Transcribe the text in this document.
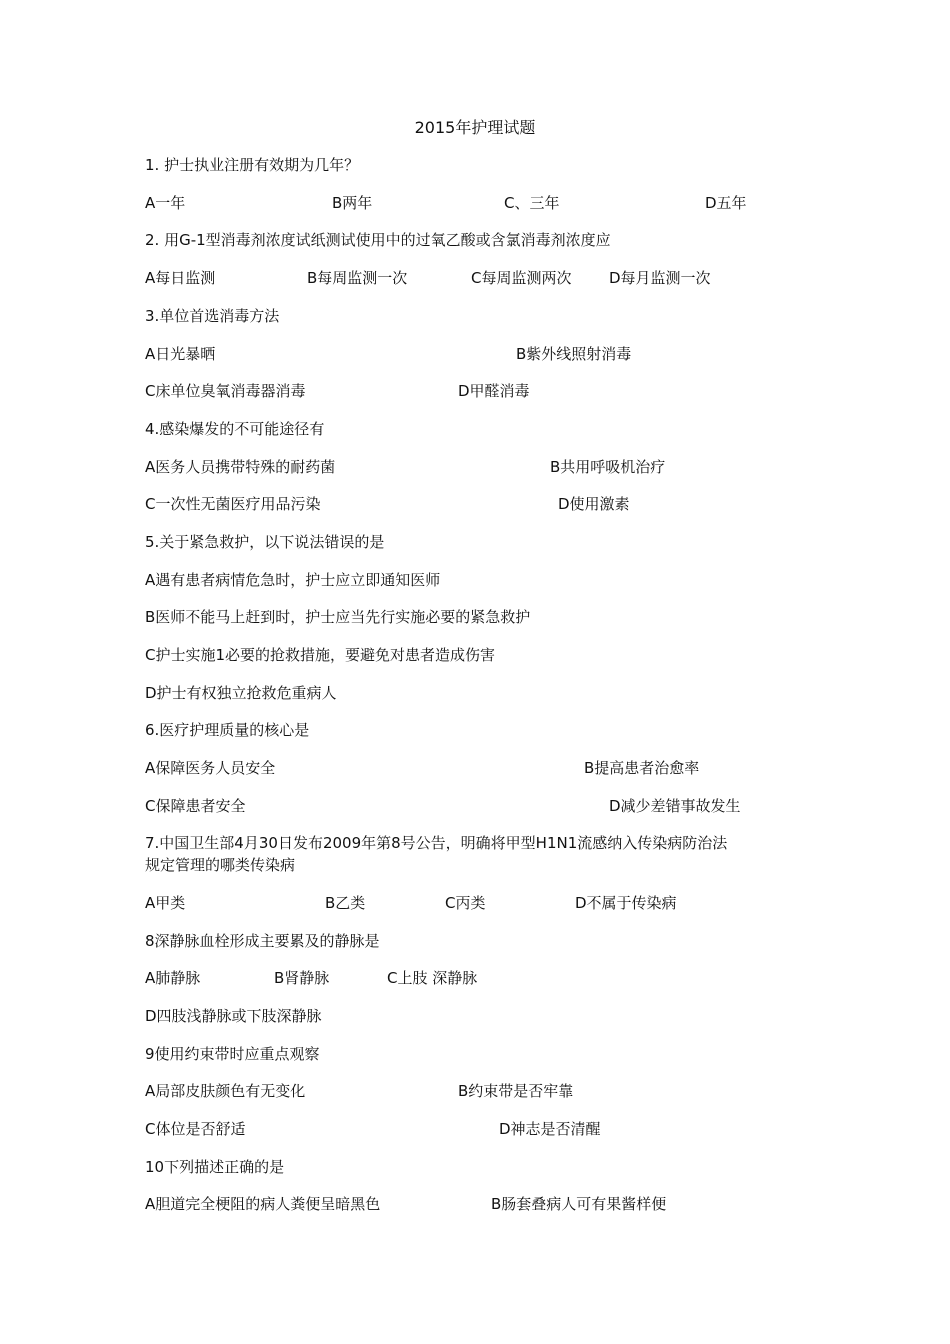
2015年护理试题
1. 护士执业注册有效期为几年？
A一年	B两年	C、三年	D五年
2. 用G-1型消毒剂浓度试纸测试使用中的过氧乙酸或含氯消毒剂浓度应
A每日监测	B每周监测一次	C每周监测两次	D每月监测一次
3.单位首选消毒方法
A日光暴晒	B紫外线照射消毒
C床单位臭氧消毒器消毒	D甲醛消毒
4.感染爆发的不可能途径有
A医务人员携带特殊的耐药菌	B共用呼吸机治疗
C一次性无菌医疗用品污染	D使用激素
5.关于紧急救护，以下说法错误的是
A遇有患者病情危急时，护士应立即通知医师
B医师不能马上赶到时，护士应当先行实施必要的紧急救护
C护士实施1必要的抢救措施，要避免对患者造成伤害
D护士有权独立抢救危重病人
6.医疗护理质量的核心是
A保障医务人员安全	B提高患者治愈率
C保障患者安全	D减少差错事故发生
7.中国卫生部4月30日发布2009年第8号公告，明确将甲型H1N1流感纳入传染病防治法
规定管理的哪类传染病
A甲类	B乙类	C丙类	D不属于传染病
8深静脉血栓形成主要累及的静脉是
A肺静脉	B肾静脉	C上肢 深静脉
D四肢浅静脉或下肢深静脉
9使用约束带时应重点观察
A局部皮肤颜色有无变化	B约束带是否牢靠
C体位是否舒适	D神志是否清醒
10下列描述正确的是
A胆道完全梗阻的病人粪便呈暗黑色	B肠套叠病人可有果酱样便
